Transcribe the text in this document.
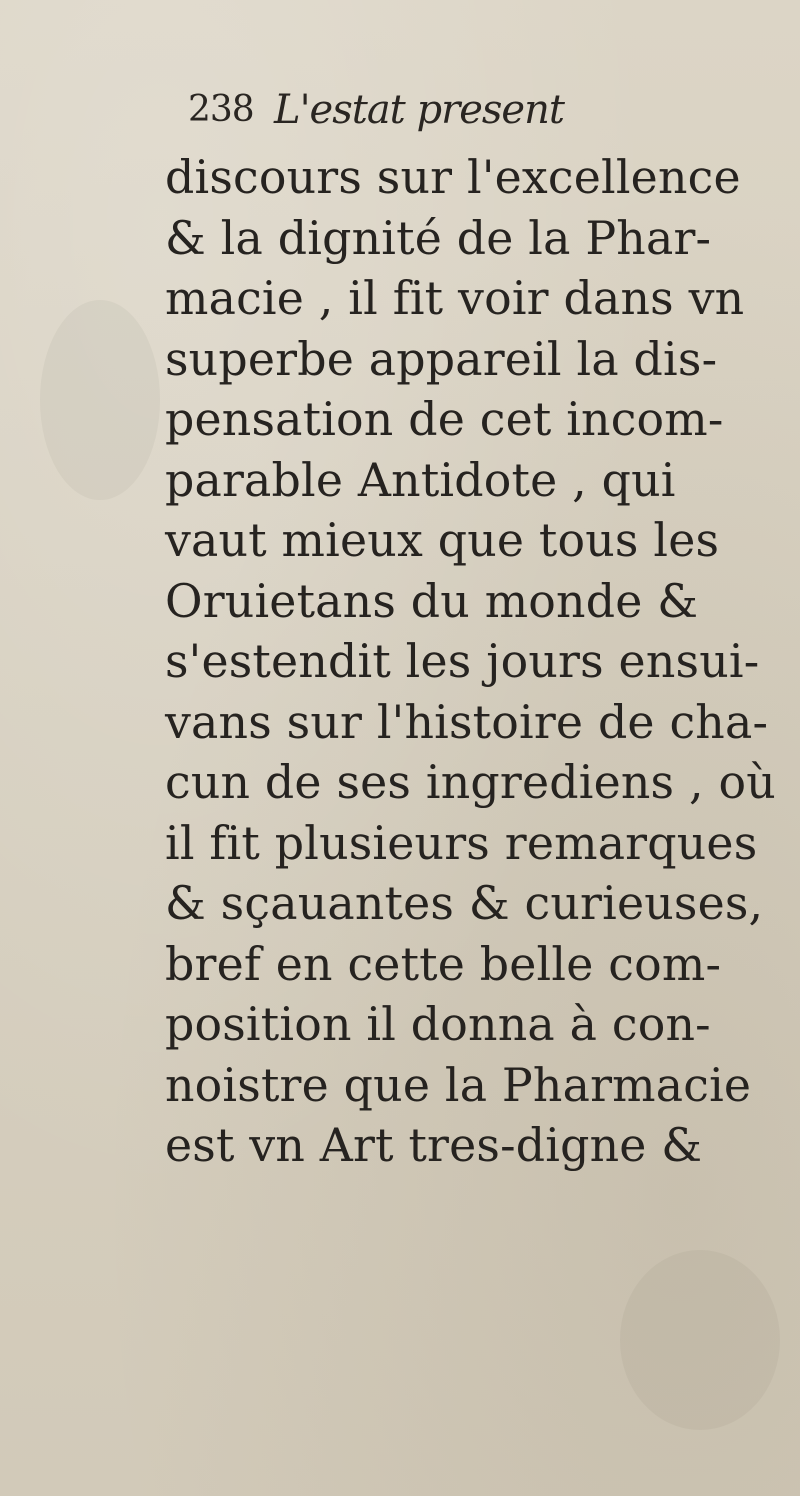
238 L'estat present
discours sur l'excellence
& la dignité de la Phar-
macie , il fit voir dans vn
superbe appareil la dis-
pensation de cet incom-
parable Antidote , qui
vaut mieux que tous les
Oruietans du monde &
s'estendit les jours ensui-
vans sur l'histoire de cha-
cun de ses ingrediens , où
il fit plusieurs remarques
& sçauantes & curieuses,
bref en cette belle com-
position il donna à con-
noistre que la Pharmacie
est vn Art tres-digne &
